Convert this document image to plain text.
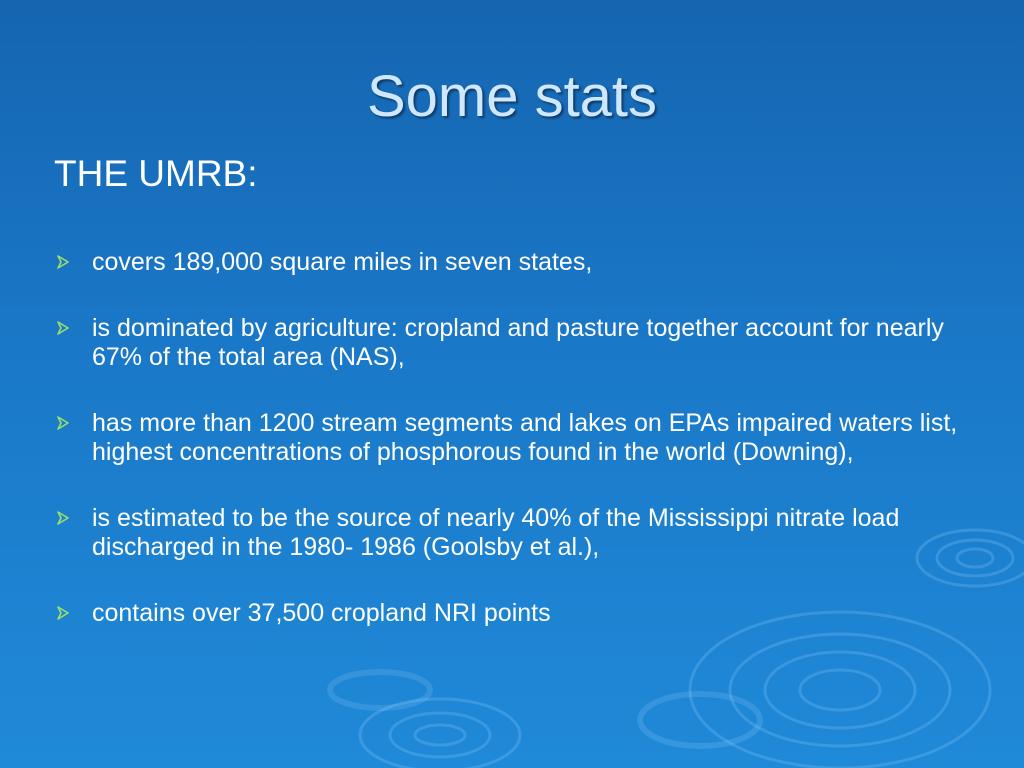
Some stats
THE UMRB:
covers 189,000 square miles in seven states,
is dominated by agriculture: cropland and pasture together account for nearly 67% of the total area (NAS),
has more than 1200 stream segments and lakes on EPAs impaired waters list, highest concentrations of phosphorous found in the world (Downing),
is estimated to be the source of nearly 40% of the Mississippi nitrate load discharged in the 1980- 1986 (Goolsby et al.),
contains over 37,500 cropland NRI points
